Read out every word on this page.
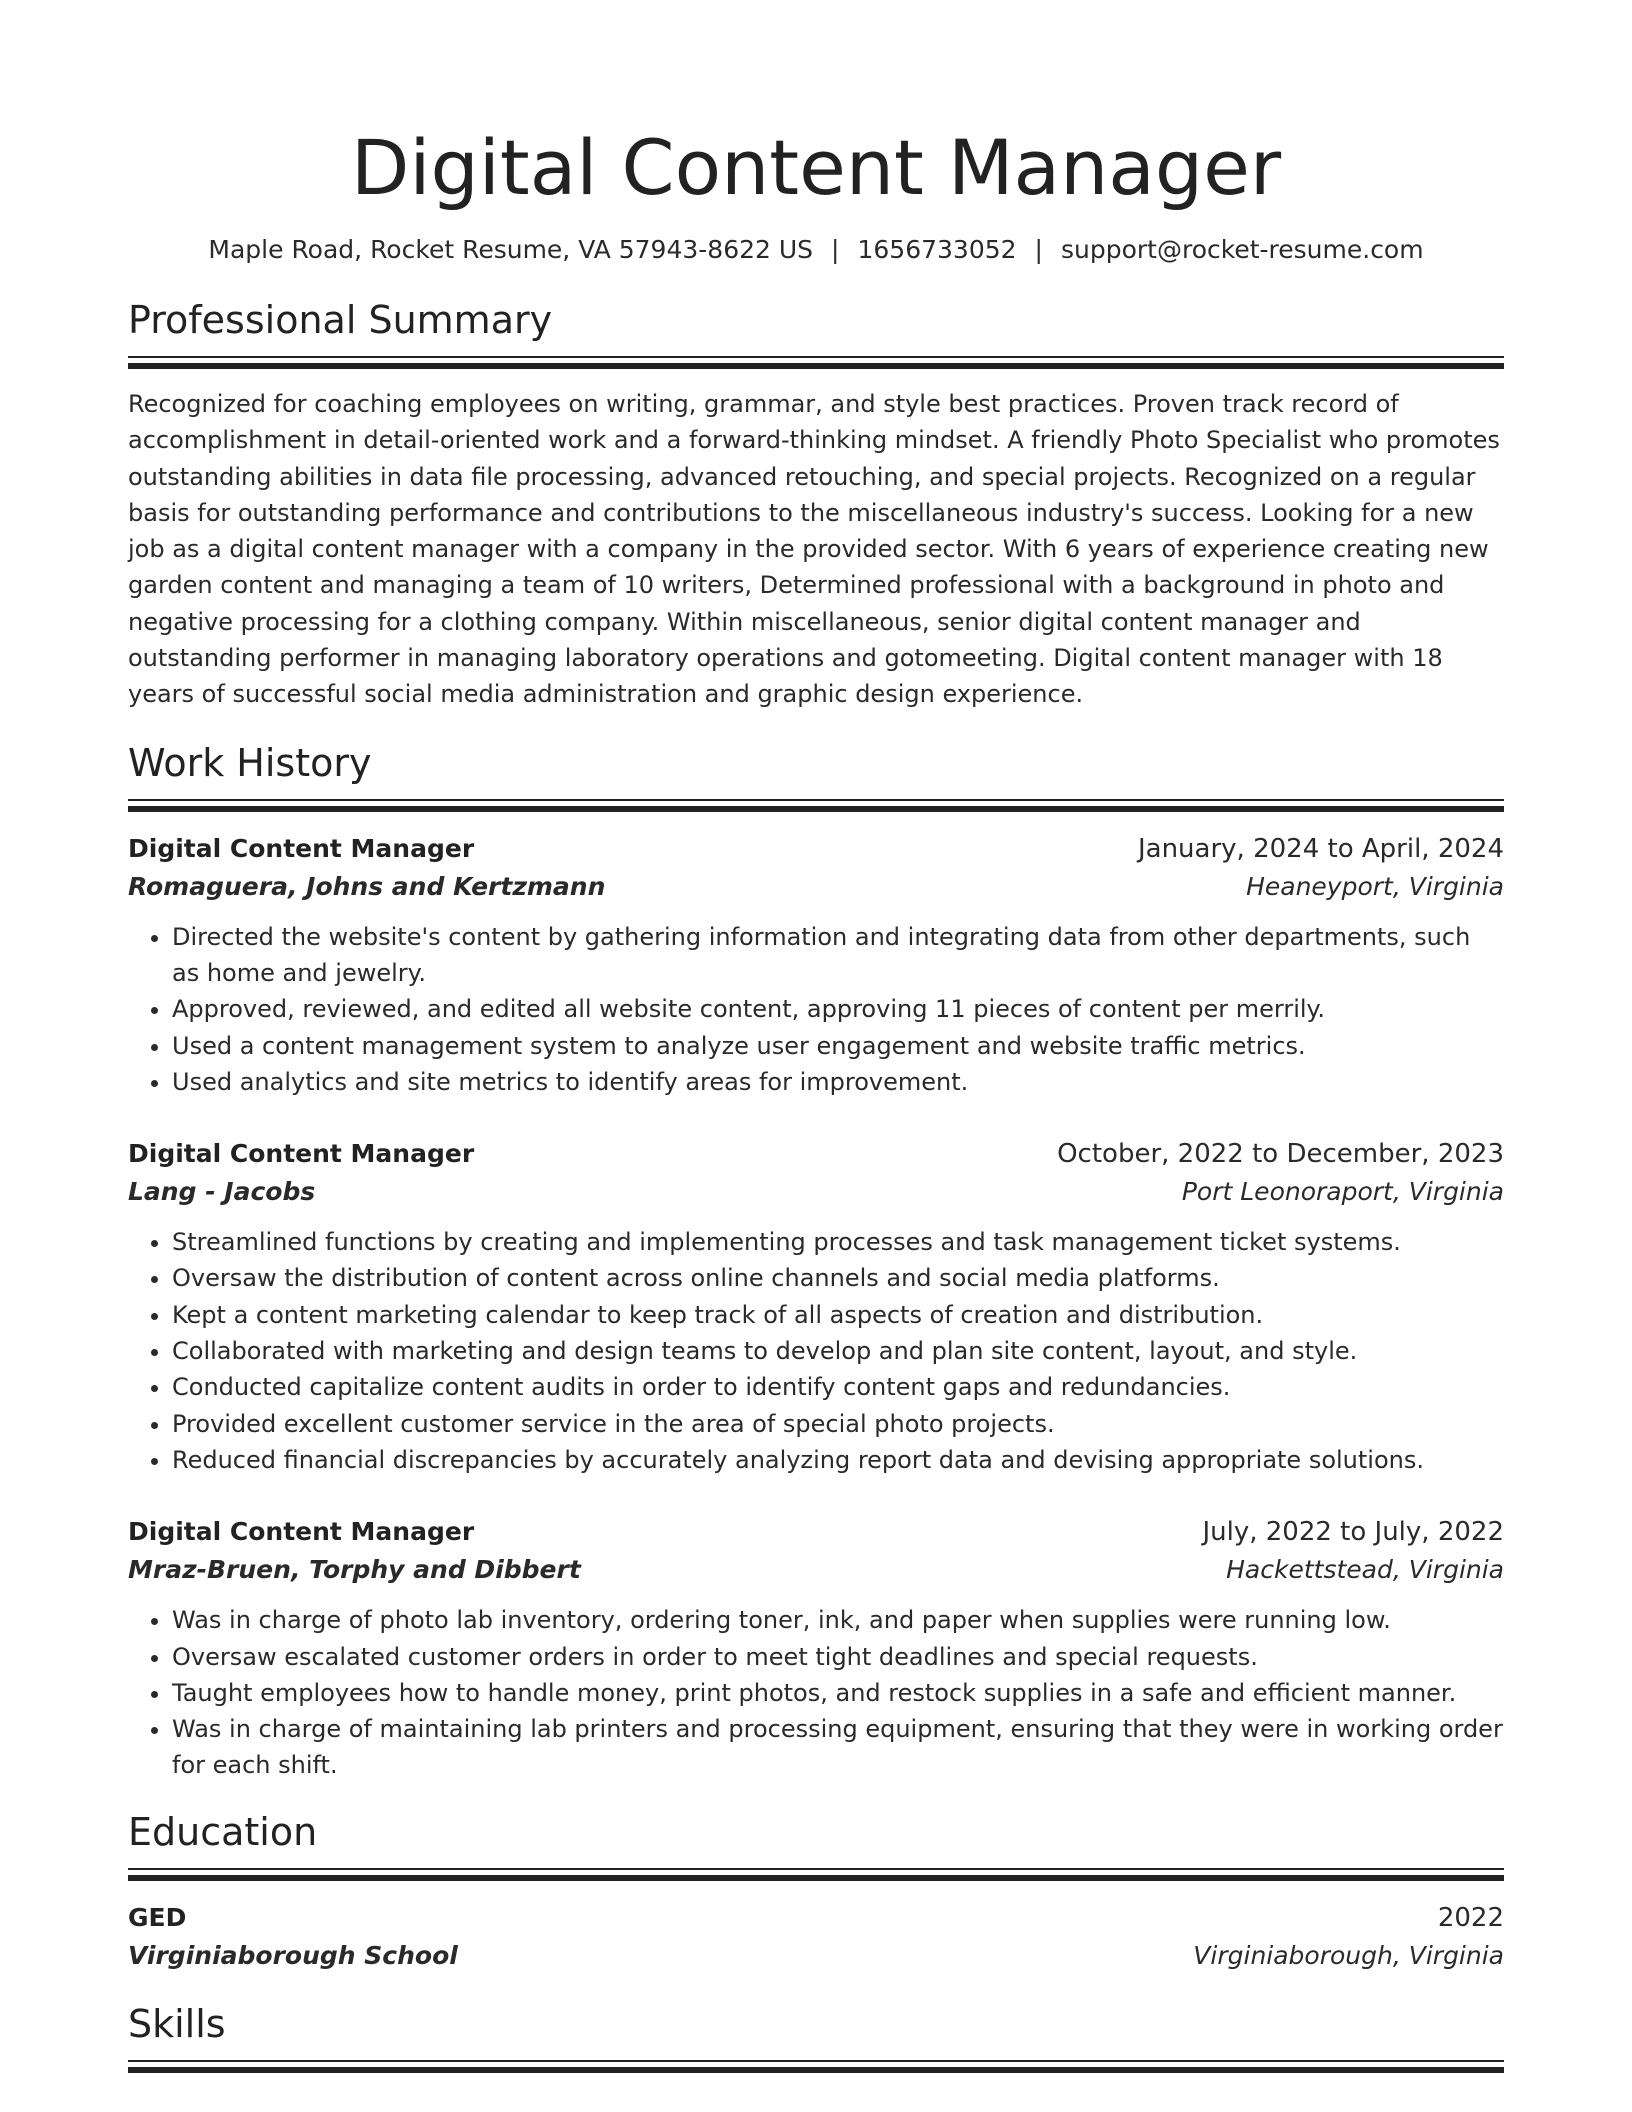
Digital Content Manager
Maple Road, Rocket Resume, VA 57943-8622 US | 1656733052 | support@rocket-resume.com
Professional Summary

Recognized for coaching employees on writing, grammar, and style best practices. Proven track record of accomplishment in detail-oriented work and a forward-thinking mindset. A friendly Photo Specialist who promotes outstanding abilities in data file processing, advanced retouching, and special projects. Recognized on a regular basis for outstanding performance and contributions to the miscellaneous industry's success. Looking for a new job as a digital content manager with a company in the provided sector. With 6 years of experience creating new garden content and managing a team of 10 writers, Determined professional with a background in photo and negative processing for a clothing company. Within miscellaneous, senior digital content manager and outstanding performer in managing laboratory operations and gotomeeting. Digital content manager with 18 years of successful social media administration and graphic design experience.

Work History
Digital Content Manager	January, 2024 to April, 2024
Romaguera, Johns and Kertzmann	Heaneyport, Virginia
• Directed the website's content by gathering information and integrating data from other departments, such as home and jewelry.
• Approved, reviewed, and edited all website content, approving 11 pieces of content per merrily.
• Used a content management system to analyze user engagement and website traffic metrics.
• Used analytics and site metrics to identify areas for improvement.
Digital Content Manager	October, 2022 to December, 2023
Lang - Jacobs	Port Leonoraport, Virginia
• Streamlined functions by creating and implementing processes and task management ticket systems.
• Oversaw the distribution of content across online channels and social media platforms.
• Kept a content marketing calendar to keep track of all aspects of creation and distribution.
• Collaborated with marketing and design teams to develop and plan site content, layout, and style.
• Conducted capitalize content audits in order to identify content gaps and redundancies.
• Provided excellent customer service in the area of special photo projects.
• Reduced financial discrepancies by accurately analyzing report data and devising appropriate solutions.
Digital Content Manager	July, 2022 to July, 2022
Mraz-Bruen, Torphy and Dibbert	Hackettstead, Virginia
• Was in charge of photo lab inventory, ordering toner, ink, and paper when supplies were running low.
• Oversaw escalated customer orders in order to meet tight deadlines and special requests.
• Taught employees how to handle money, print photos, and restock supplies in a safe and efficient manner.
• Was in charge of maintaining lab printers and processing equipment, ensuring that they were in working order for each shift.
Education
GED	2022
Virginiaborough School	Virginiaborough, Virginia
Skills
